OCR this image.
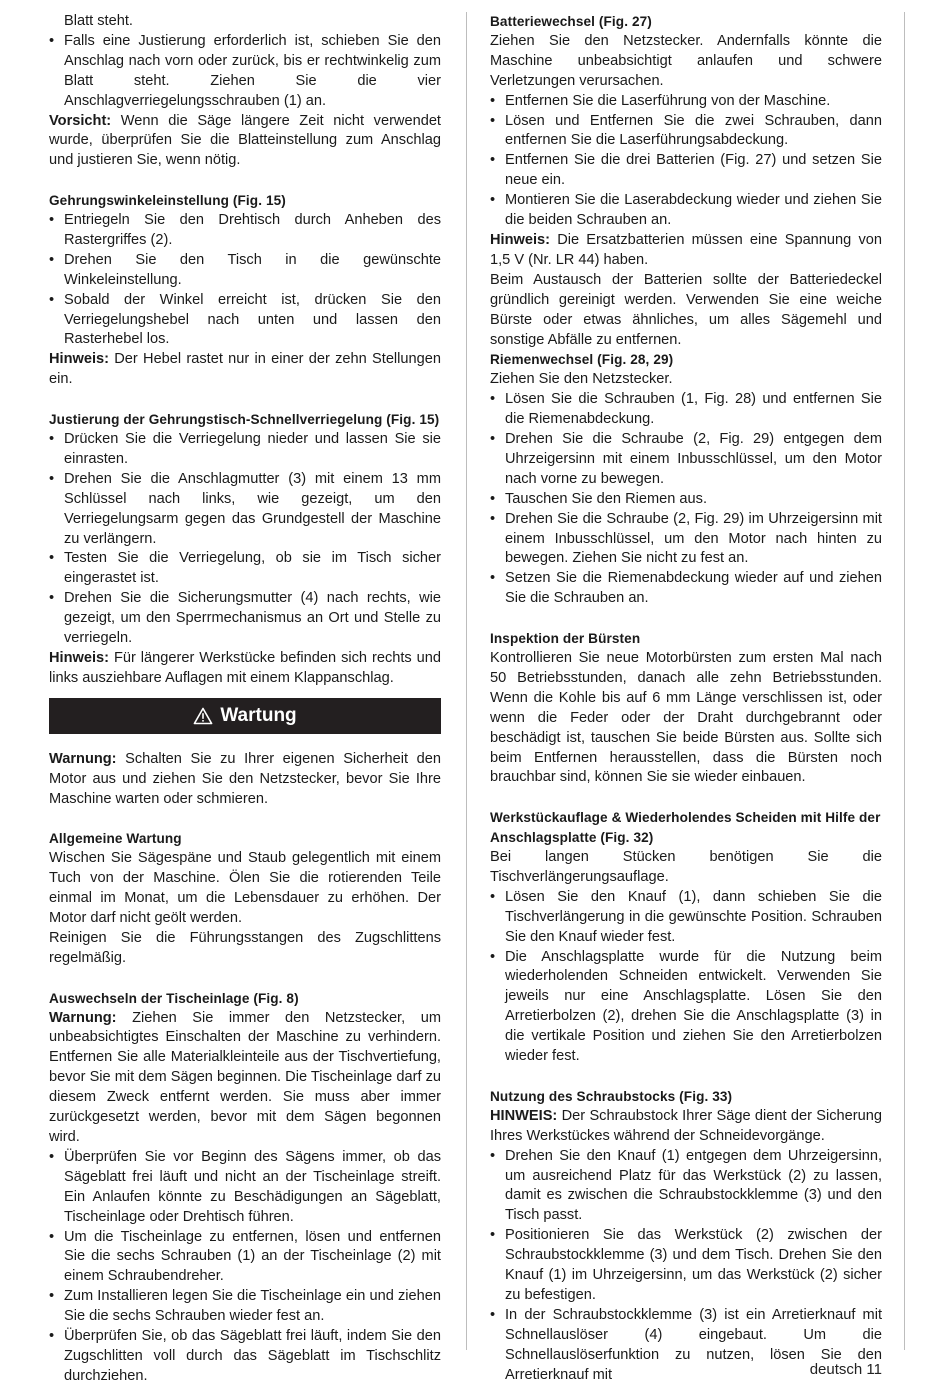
Blatt steht.

• Falls eine Justierung erforderlich ist, schieben Sie den Anschlag nach vorn oder zurück, bis er rechtwinkelig zum Blatt steht. Ziehen Sie die vier Anschlagverriegelungsschrauben (1) an.

Vorsicht: Wenn die Säge längere Zeit nicht verwendet wurde, überprüfen Sie die Blatteinstellung zum Anschlag und justieren Sie, wenn nötig.

Gehrungswinkeleinstellung (Fig. 15)

• Entriegeln Sie den Drehtisch durch Anheben des Rastergriffes (2).
• Drehen Sie den Tisch in die gewünschte Winkeleinstellung.
• Sobald der Winkel erreicht ist, drücken Sie den Verriegelungshebel nach unten und lassen den Rasterhebel los.

Hinweis: Der Hebel rastet nur in einer der zehn Stellungen ein.

Justierung der Gehrungstisch-Schnellverriegelung (Fig. 15)

• Drücken Sie die Verriegelung nieder und lassen Sie sie einrasten.
• Drehen Sie die Anschlagmutter (3) mit einem 13 mm Schlüssel nach links, wie gezeigt, um den Verriegelungsarm gegen das Grundgestell der Maschine zu verlängern.
• Testen Sie die Verriegelung, ob sie im Tisch sicher eingerastet ist.
• Drehen Sie die Sicherungsmutter (4) nach rechts, wie gezeigt, um den Sperrmechanismus an Ort und Stelle zu verriegeln.

Hinweis: Für längerer Werkstücke befinden sich rechts und links ausziehbare Auflagen mit einem Klappanschlag.

Wartung

Warnung: Schalten Sie zu Ihrer eigenen Sicherheit den Motor aus und ziehen Sie den Netzstecker, bevor Sie Ihre Maschine warten oder schmieren.

Allgemeine Wartung

Wischen Sie Sägespäne und Staub gelegentlich mit einem Tuch von der Maschine. Ölen Sie die rotierenden Teile einmal im Monat, um die Lebensdauer zu erhöhen. Der Motor darf nicht geölt werden.

Reinigen Sie die Führungsstangen des Zugschlittens regelmäßig.

Auswechseln der Tischeinlage (Fig. 8)

Warnung: Ziehen Sie immer den Netzstecker, um unbeabsichtigtes Einschalten der Maschine zu verhindern. Entfernen Sie alle Materialkleinteile aus der Tischvertiefung, bevor Sie mit dem Sägen beginnen. Die Tischeinlage darf zu diesem Zweck entfernt werden. Sie muss aber immer zurückgesetzt werden, bevor mit dem Sägen begonnen wird.

• Überprüfen Sie vor Beginn des Sägens immer, ob das Sägeblatt frei läuft und nicht an der Tischeinlage streift. Ein Anlaufen könnte zu Beschädigungen an Sägeblatt, Tischeinlage oder Drehtisch führen.
• Um die Tischeinlage zu entfernen, lösen und entfernen Sie die sechs Schrauben (1) an der Tischeinlage (2) mit einem Schraubendreher.
• Zum Installieren legen Sie die Tischeinlage ein und ziehen Sie die sechs Schrauben wieder fest an.
• Überprüfen Sie, ob das Sägeblatt frei läuft, indem Sie den Zugschlitten voll durch das Sägeblatt im Tischschlitz durchziehen.

Batteriewechsel (Fig. 27)

Ziehen Sie den Netzstecker. Andernfalls könnte die Maschine unbeabsichtigt anlaufen und schwere Verletzungen verursachen.

• Entfernen Sie die Laserführung von der Maschine.
• Lösen und Entfernen Sie die zwei Schrauben, dann entfernen Sie die Laserführungsabdeckung.
• Entfernen Sie die drei Batterien (Fig. 27) und setzen Sie neue ein.
• Montieren Sie die Laserabdeckung wieder und ziehen Sie die beiden Schrauben an.

Hinweis: Die Ersatzbatterien müssen eine Spannung von 1,5 V (Nr. LR 44) haben.

Beim Austausch der Batterien sollte der Batteriedeckel gründlich gereinigt werden. Verwenden Sie eine weiche Bürste oder etwas ähnliches, um alles Sägemehl und sonstige Abfälle zu entfernen.

Riemenwechsel (Fig. 28, 29)

Ziehen Sie den Netzstecker.

• Lösen Sie die Schrauben (1, Fig. 28) und entfernen Sie die Riemenabdeckung.
• Drehen Sie die Schraube (2, Fig. 29) entgegen dem Uhrzeigersinn mit einem Inbusschlüssel, um den Motor nach vorne zu bewegen.
• Tauschen Sie den Riemen aus.
• Drehen Sie die Schraube (2, Fig. 29) im Uhrzeigersinn mit einem Inbusschlüssel, um den Motor nach hinten zu bewegen. Ziehen Sie nicht zu fest an.
• Setzen Sie die Riemenabdeckung wieder auf und ziehen Sie die Schrauben an.

Inspektion der Bürsten

Kontrollieren Sie neue Motorbürsten zum ersten Mal nach 50 Betriebsstunden, danach alle zehn Betriebsstunden. Wenn die Kohle bis auf 6 mm Länge verschlissen ist, oder wenn die Feder oder der Draht durchgebrannt oder beschädigt ist, tauschen Sie beide Bürsten aus. Sollte sich beim Entfernen herausstellen, dass die Bürsten noch brauchbar sind, können Sie sie wieder einbauen.

Werkstückauflage & Wiederholendes Scheiden mit Hilfe der Anschlagsplatte (Fig. 32)

Bei langen Stücken benötigen Sie die Tischverlängerungsauflage.

• Lösen Sie den Knauf (1), dann schieben Sie die Tischverlängerung in die gewünschte Position. Schrauben Sie den Knauf wieder fest.
• Die Anschlagsplatte wurde für die Nutzung beim wiederholenden Schneiden entwickelt. Verwenden Sie jeweils nur eine Anschlagsplatte. Lösen Sie den Arretierbolzen (2), drehen Sie die Anschlagsplatte (3) in die vertikale Position und ziehen Sie den Arretierbolzen wieder fest.

Nutzung des Schraubstocks (Fig. 33)

HINWEIS: Der Schraubstock Ihrer Säge dient der Sicherung Ihres Werkstückes während der Schneidevorgänge.

• Drehen Sie den Knauf (1) entgegen dem Uhrzeigersinn, um ausreichend Platz für das Werkstück (2) zu lassen, damit es zwischen die Schraubstockklemme (3) und den Tisch passt.
• Positionieren Sie das Werkstück (2) zwischen der Schraubstockklemme (3) und dem Tisch. Drehen Sie den Knauf (1) im Uhrzeigersinn, um das Werkstück (2) sicher zu befestigen.
• In der Schraubstockklemme (3) ist ein Arretierknauf mit Schnellauslöser (4) eingebaut. Um die Schnellauslöserfunktion zu nutzen, lösen Sie den Arretierknauf mit	deutsch 11
